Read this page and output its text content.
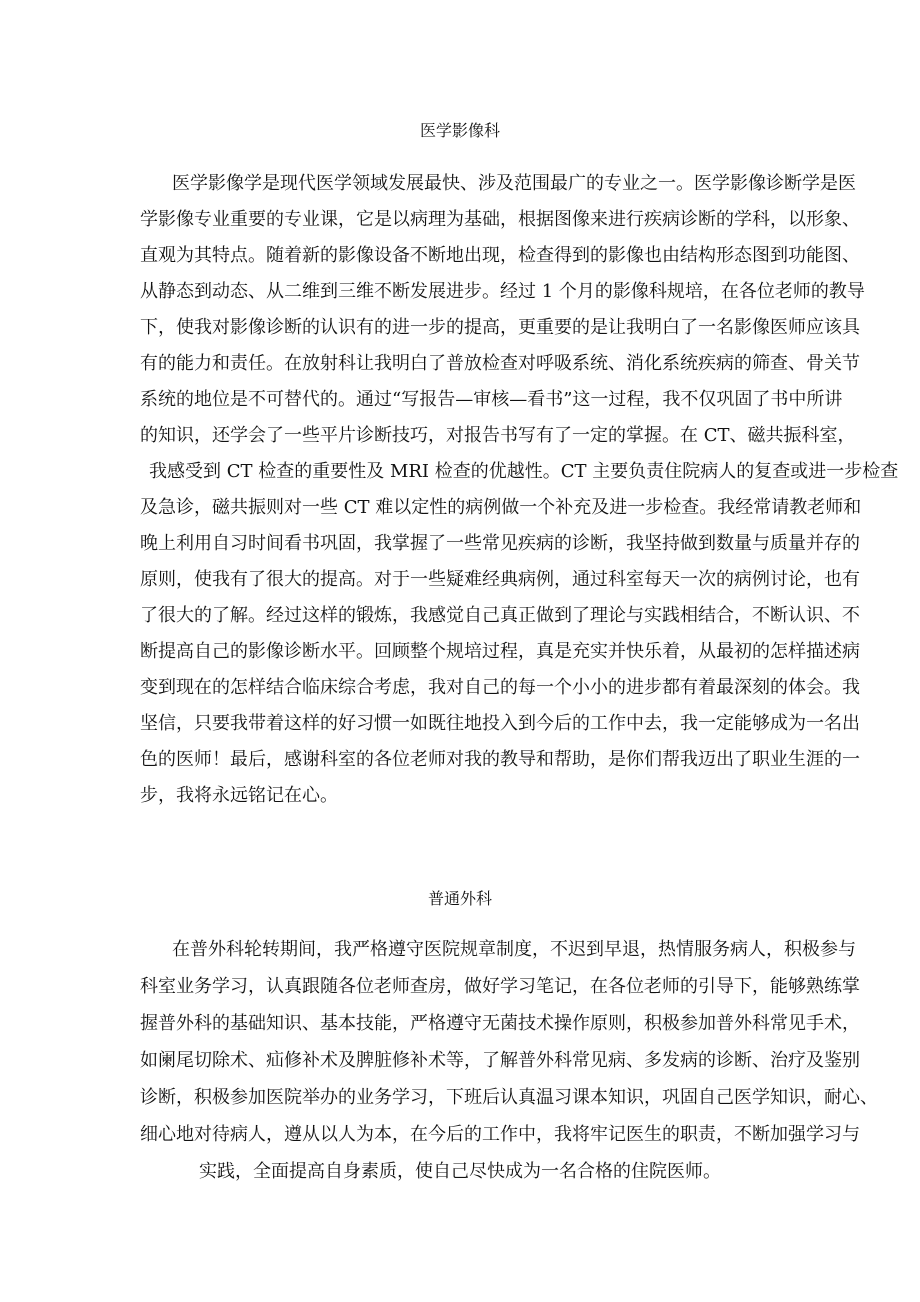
医学影像科
医学影像学是现代医学领域发展最快、涉及范围最广的专业之一。医学影像诊断学是医
学影像专业重要的专业课，它是以病理为基础，根据图像来进行疾病诊断的学科，以形象、
直观为其特点。随着新的影像设备不断地出现，检查得到的影像也由结构形态图到功能图、
从静态到动态、从二维到三维不断发展进步。经过 1 个月的影像科规培，在各位老师的教导
下，使我对影像诊断的认识有的进一步的提高，更重要的是让我明白了一名影像医师应该具
有的能力和责任。在放射科让我明白了普放检查对呼吸系统、消化系统疾病的筛查、骨关节
系统的地位是不可替代的。通过“写报告—审核—看书”这一过程，我不仅巩固了书中所讲
的知识，还学会了一些平片诊断技巧，对报告书写有了一定的掌握。在 CT、磁共振科室，
我感受到 CT 检查的重要性及 MRI 检查的优越性。CT 主要负责住院病人的复查或进一步检查
及急诊，磁共振则对一些 CT 难以定性的病例做一个补充及进一步检查。我经常请教老师和
晚上利用自习时间看书巩固，我掌握了一些常见疾病的诊断，我坚持做到数量与质量并存的
原则，使我有了很大的提高。对于一些疑难经典病例，通过科室每天一次的病例讨论，也有
了很大的了解。经过这样的锻炼，我感觉自己真正做到了理论与实践相结合，不断认识、不
断提高自己的影像诊断水平。回顾整个规培过程，真是充实并快乐着，从最初的怎样描述病
变到现在的怎样结合临床综合考虑，我对自己的每一个小小的进步都有着最深刻的体会。我
坚信，只要我带着这样的好习惯一如既往地投入到今后的工作中去，我一定能够成为一名出
色的医师！最后，感谢科室的各位老师对我的教导和帮助，是你们帮我迈出了职业生涯的一
步，我将永远铭记在心。
普通外科
在普外科轮转期间，我严格遵守医院规章制度，不迟到早退，热情服务病人，积极参与
科室业务学习，认真跟随各位老师查房，做好学习笔记，在各位老师的引导下，能够熟练掌
握普外科的基础知识、基本技能，严格遵守无菌技术操作原则，积极参加普外科常见手术，
如阑尾切除术、疝修补术及脾脏修补术等，了解普外科常见病、多发病的诊断、治疗及鉴别
诊断，积极参加医院举办的业务学习，下班后认真温习课本知识，巩固自己医学知识，耐心、
细心地对待病人，遵从以人为本，在今后的工作中，我将牢记医生的职责，不断加强学习与
实践，全面提高自身素质，使自己尽快成为一名合格的住院医师。
